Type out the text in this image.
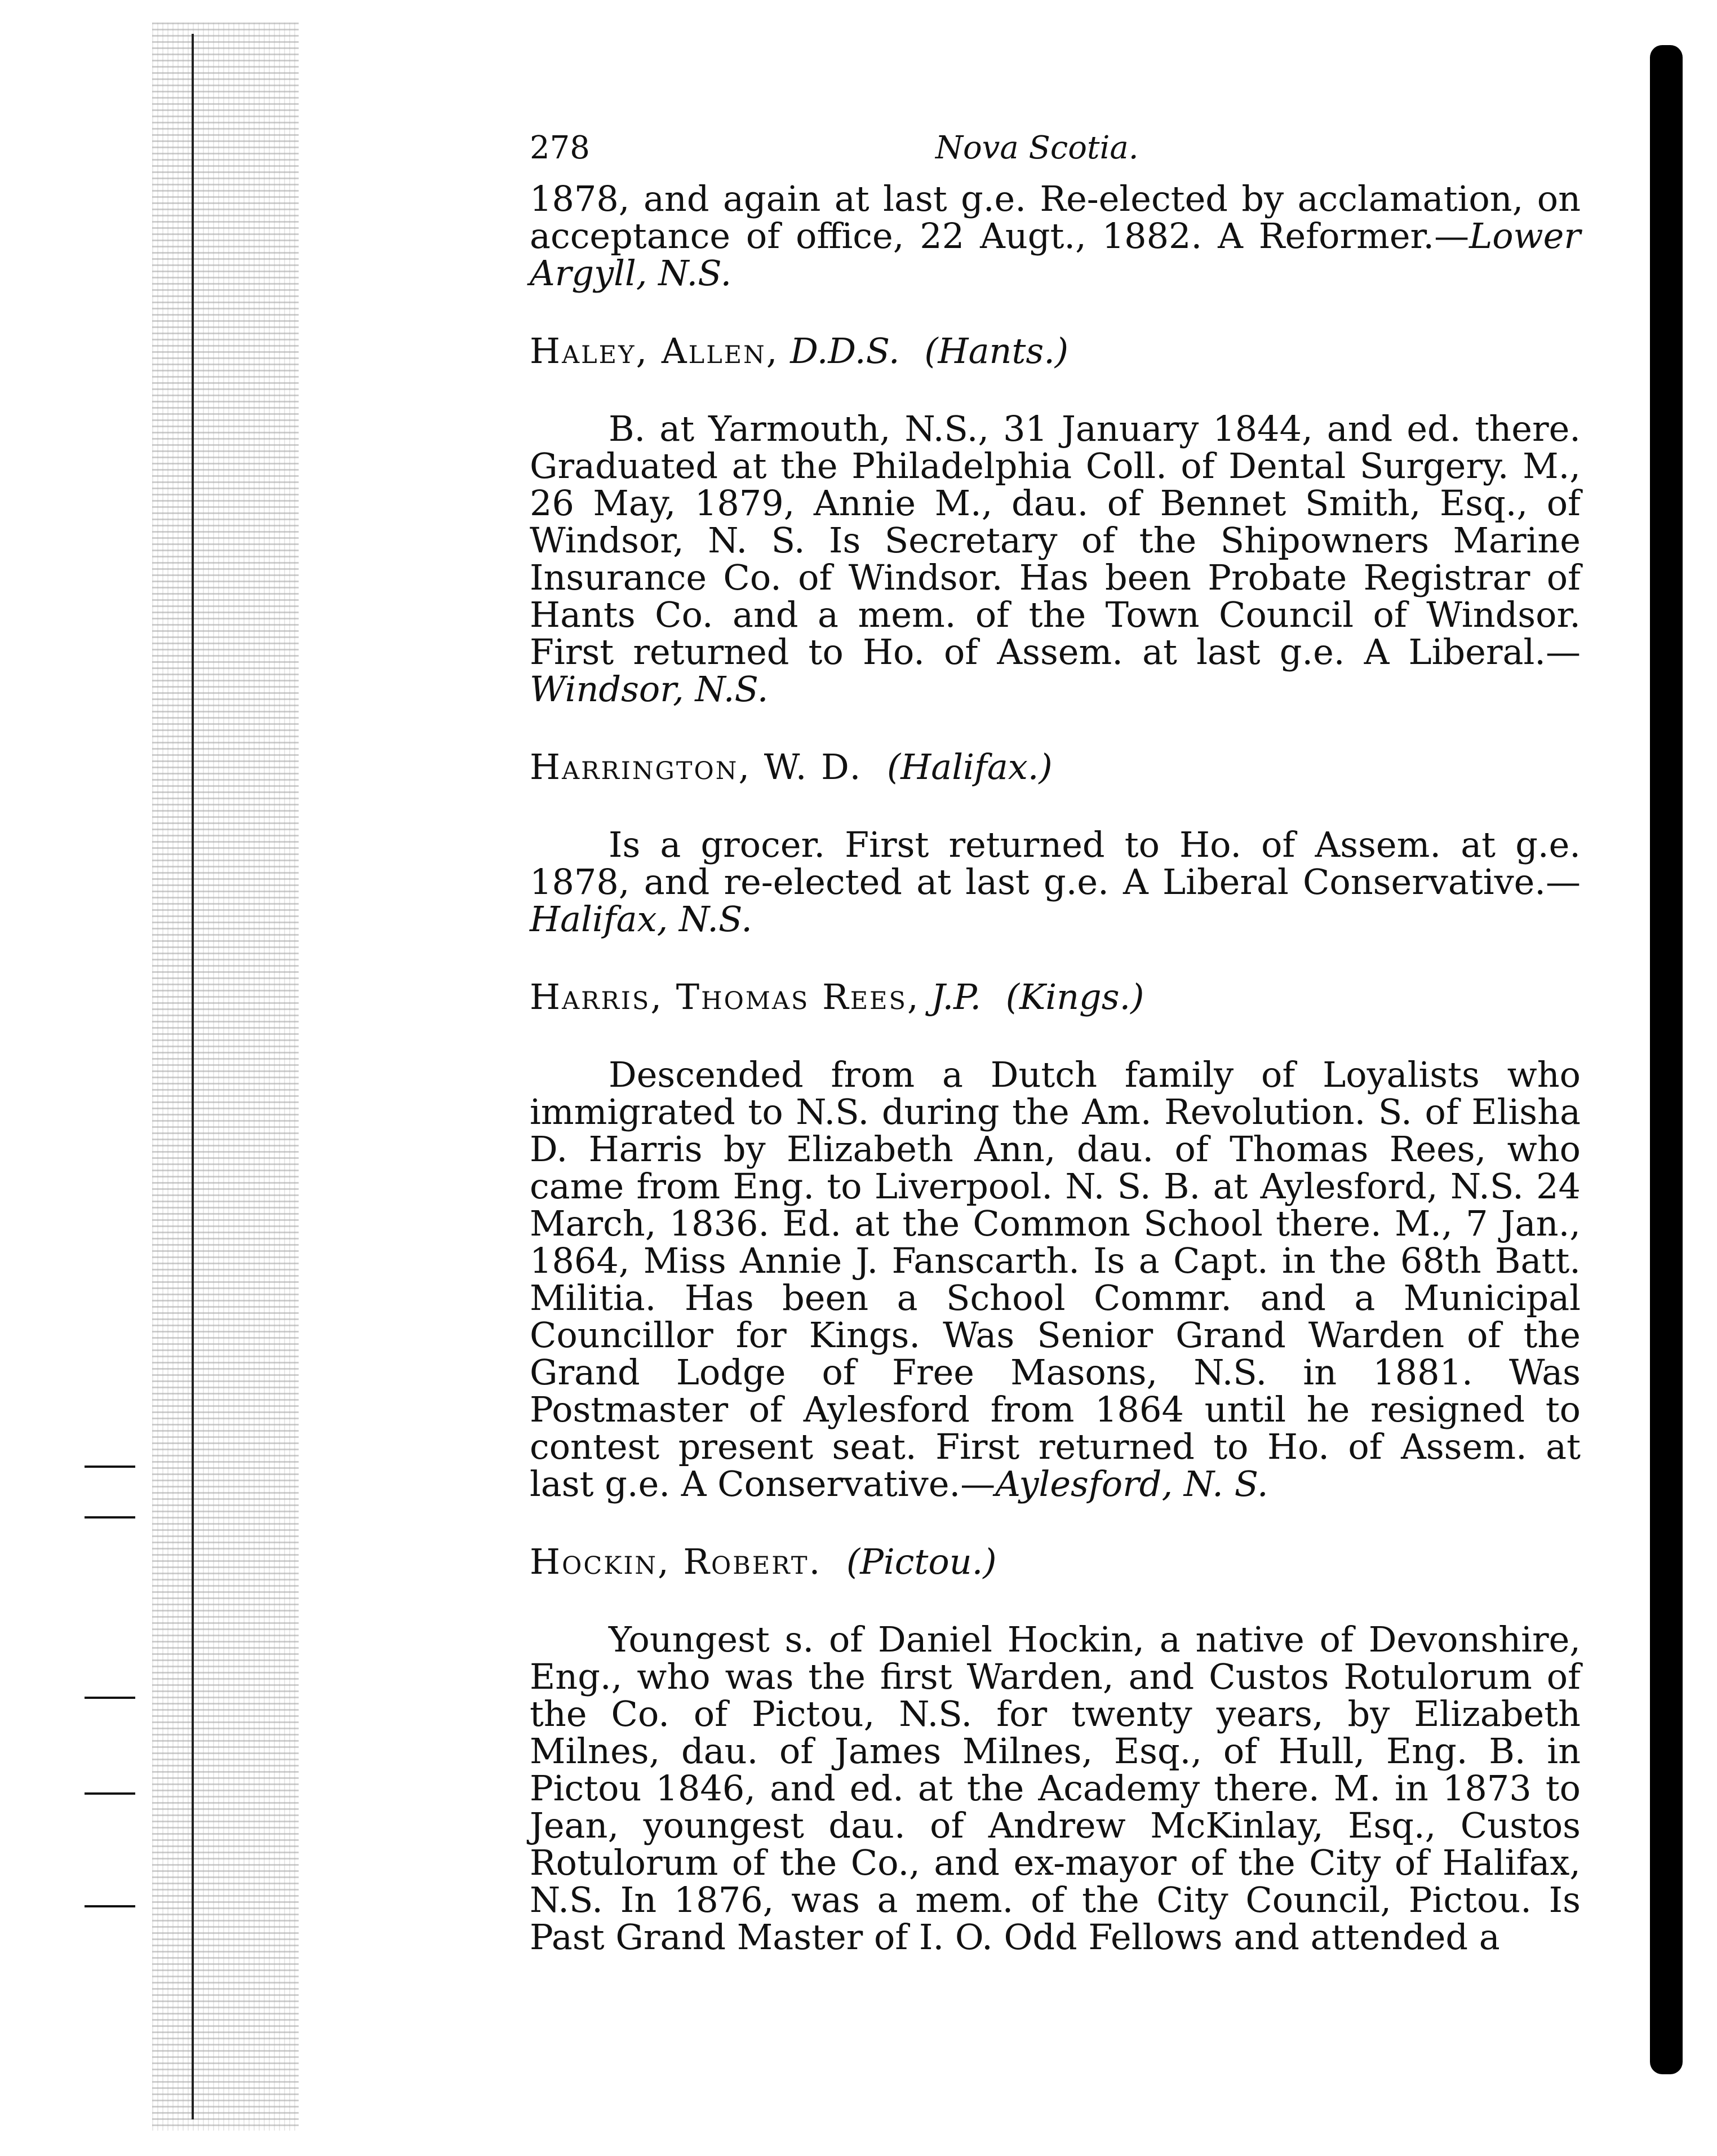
278	Nova Scotia.

1878, and again at last g.e. Re-elected by acclamation, on acceptance of office, 22 Augt., 1882. A Reformer.—Lower Argyll, N.S.

Haley, Allen, D.D.S. (Hants.)

B. at Yarmouth, N.S., 31 January 1844, and ed. there. Graduated at the Philadelphia Coll. of Dental Surgery. M., 26 May, 1879, Annie M., dau. of Bennet Smith, Esq., of Windsor, N. S. Is Secretary of the Shipowners Marine Insurance Co. of Windsor. Has been Probate Registrar of Hants Co. and a mem. of the Town Council of Windsor. First returned to Ho. of Assem. at last g.e. A Liberal.—Windsor, N.S.

Harrington, W. D. (Halifax.)

Is a grocer. First returned to Ho. of Assem. at g.e. 1878, and re-elected at last g.e. A Liberal Conservative.—Halifax, N.S.

Harris, Thomas Rees, J.P. (Kings.)

Descended from a Dutch family of Loyalists who immigrated to N.S. during the Am. Revolution. S. of Elisha D. Harris by Elizabeth Ann, dau. of Thomas Rees, who came from Eng. to Liverpool. N. S. B. at Aylesford, N.S. 24 March, 1836. Ed. at the Common School there. M., 7 Jan., 1864, Miss Annie J. Fanscarth. Is a Capt. in the 68th Batt. Militia. Has been a School Commr. and a Municipal Councillor for Kings. Was Senior Grand Warden of the Grand Lodge of Free Masons, N.S. in 1881. Was Postmaster of Aylesford from 1864 until he resigned to contest present seat. First returned to Ho. of Assem. at last g.e. A Conservative.—Aylesford, N. S.

Hockin, Robert. (Pictou.)

Youngest s. of Daniel Hockin, a native of Devonshire, Eng., who was the first Warden, and Custos Rotulorum of the Co. of Pictou, N.S. for twenty years, by Elizabeth Milnes, dau. of James Milnes, Esq., of Hull, Eng. B. in Pictou 1846, and ed. at the Academy there. M. in 1873 to Jean, youngest dau. of Andrew McKinlay, Esq., Custos Rotulorum of the Co., and ex-mayor of the City of Halifax, N.S. In 1876, was a mem. of the City Council, Pictou. Is Past Grand Master of I. O. Odd Fellows and attended a
